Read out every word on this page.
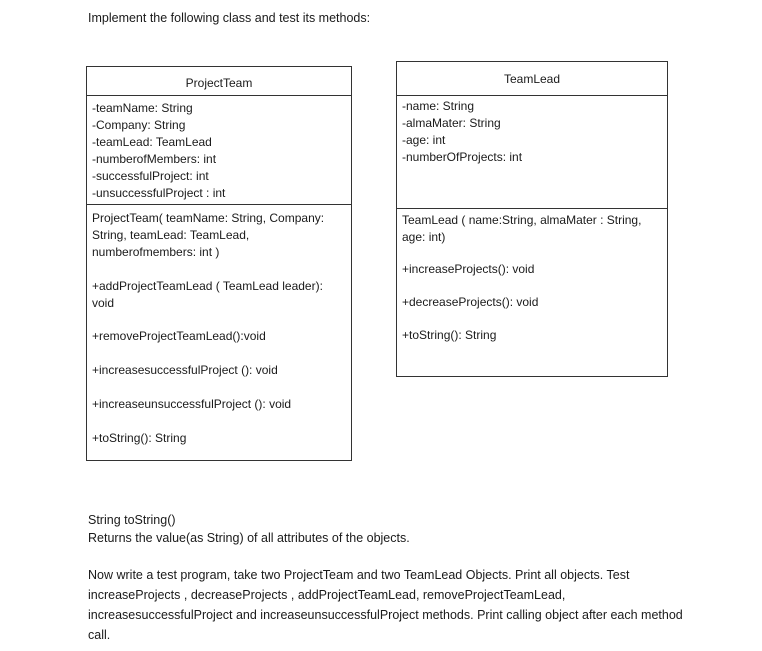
Implement the following class and test its methods:
ProjectTeam
-teamName: String
-Company: String
-teamLead: TeamLead
-numberofMembers: int
-successfulProject: int
-unsuccessfulProject : int
ProjectTeam( teamName: String, Company: String, teamLead: TeamLead, numberofmembers: int )
+addProjectTeamLead ( TeamLead leader): void
+removeProjectTeamLead():void
+increasesuccessfulProject (): void
+increaseunsuccessfulProject (): void
+toString(): String
TeamLead
-name: String
-almaMater: String
-age: int
-numberOfProjects: int
TeamLead ( name:String, almaMater : String, age: int)
+increaseProjects(): void
+decreaseProjects(): void
+toString(): String
String toString()
Returns the value(as String) of all attributes of the objects.
Now write a test program, take two ProjectTeam and two TeamLead Objects. Print all objects. Test increaseProjects , decreaseProjects , addProjectTeamLead, removeProjectTeamLead, increasesuccessfulProject and increaseunsuccessfulProject methods. Print calling object after each method call.
